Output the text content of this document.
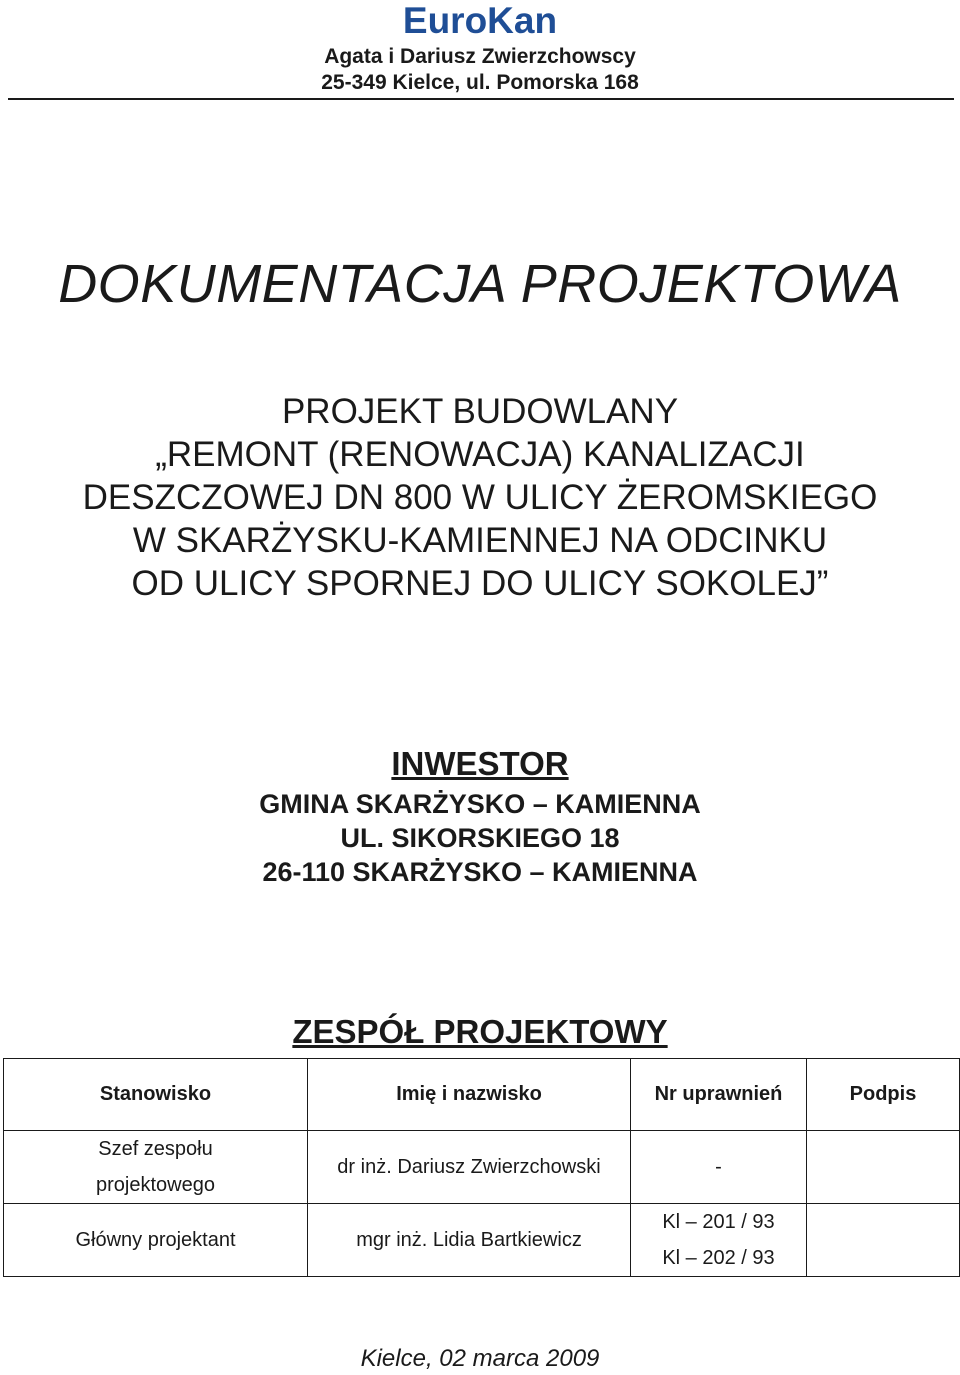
EuroKan
Agata i Dariusz Zwierzchowscy
25-349 Kielce, ul. Pomorska 168
DOKUMENTACJA PROJEKTOWA
PROJEKT BUDOWLANY
„REMONT (RENOWACJA) KANALIZACJI
DESZCZOWEJ DN 800 W ULICY ŻEROMSKIEGO
W SKARŻYSKU-KAMIENNEJ NA ODCINKU
OD ULICY SPORNEJ DO ULICY SOKOLEJ”
INWESTOR
GMINA SKARŻYSKO – KAMIENNA
UL. SIKORSKIEGO 18
26-110 SKARŻYSKO – KAMIENNA
ZESPÓŁ PROJEKTOWY
Stanowisko	Imię i nazwisko	Nr uprawnień	Podpis

Szef zespołu
projektowego	dr inż. Dariusz Zwierzchowski	-	

Główny projektant	mgr inż. Lidia Bartkiewicz	Kl – 201 / 93
Kl – 202 / 93	

Kielce, 02 marca 2009
